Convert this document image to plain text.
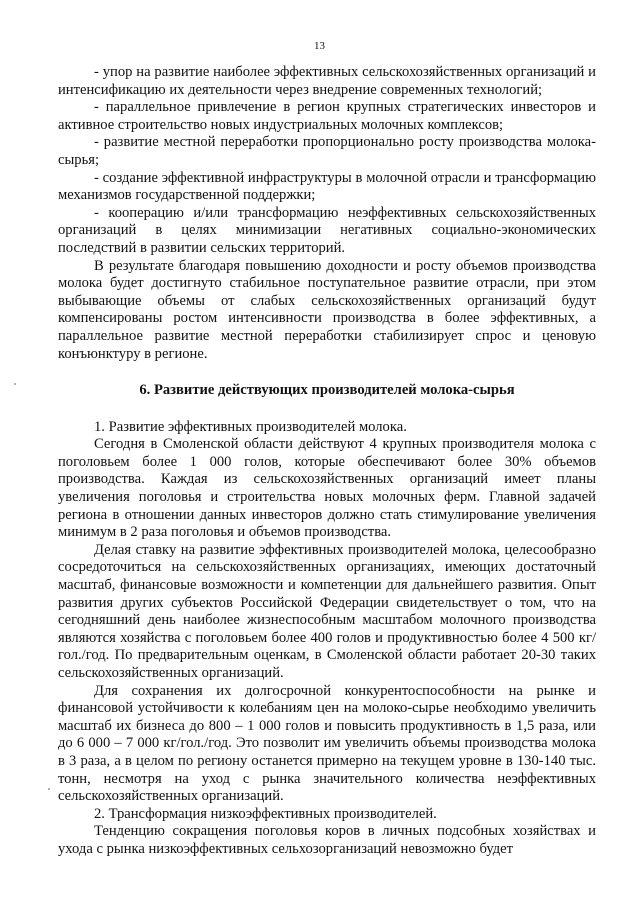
13

- упор на развитие наиболее эффективных сельскохозяйственных организаций и интенсификацию их деятельности через внедрение современных технологий;

- параллельное привлечение в регион крупных стратегических инвесторов и активное строительство новых индустриальных молочных комплексов;

- развитие местной переработки пропорционально росту производства молока-сырья;

- создание эффективной инфраструктуры в молочной отрасли и трансформацию механизмов государственной поддержки;

- кооперацию и/или трансформацию неэффективных сельскохозяйственных организаций в целях минимизации негативных социально-экономических последствий в развитии сельских территорий.

В результате благодаря повышению доходности и росту объемов производства молока будет достигнуто стабильное поступательное развитие отрасли, при этом выбывающие объемы от слабых сельскохозяйственных организаций будут компенсированы ростом интенсивности производства в более эффективных, а параллельное развитие местной переработки стабилизирует спрос и ценовую конъюнктуру в регионе.

6. Развитие действующих производителей молока-сырья

1. Развитие эффективных производителей молока.

Сегодня в Смоленской области действуют 4 крупных производителя молока с поголовьем более 1 000 голов, которые обеспечивают более 30% объемов производства. Каждая из сельскохозяйственных организаций имеет планы увеличения поголовья и строительства новых молочных ферм. Главной задачей региона в отношении данных инвесторов должно стать стимулирование увеличения минимум в 2 раза поголовья и объемов производства.

Делая ставку на развитие эффективных производителей молока, целесообразно сосредоточиться на сельскохозяйственных организациях, имеющих достаточный масштаб, финансовые возможности и компетенции для дальнейшего развития. Опыт развития других субъектов Российской Федерации свидетельствует о том, что на сегодняшний день наиболее жизнеспособным масштабом молочного производства являются хозяйства с поголовьем более 400 голов и продуктивностью более 4 500 кг/гол./год. По предварительным оценкам, в Смоленской области работает 20-30 таких сельскохозяйственных организаций.

Для сохранения их долгосрочной конкурентоспособности на рынке и финансовой устойчивости к колебаниям цен на молоко-сырье необходимо увеличить масштаб их бизнеса до 800 – 1 000 голов и повысить продуктивность в 1,5 раза, или до 6 000 – 7 000 кг/гол./год. Это позволит им увеличить объемы производства молока в 3 раза, а в целом по региону останется примерно на текущем уровне в 130-140 тыс. тонн, несмотря на уход с рынка значительного количества неэффективных сельскохозяйственных организаций.

2. Трансформация низкоэффективных производителей.

Тенденцию сокращения поголовья коров в личных подсобных хозяйствах и ухода с рынка низкоэффективных сельхозорганизаций невозможно будет
